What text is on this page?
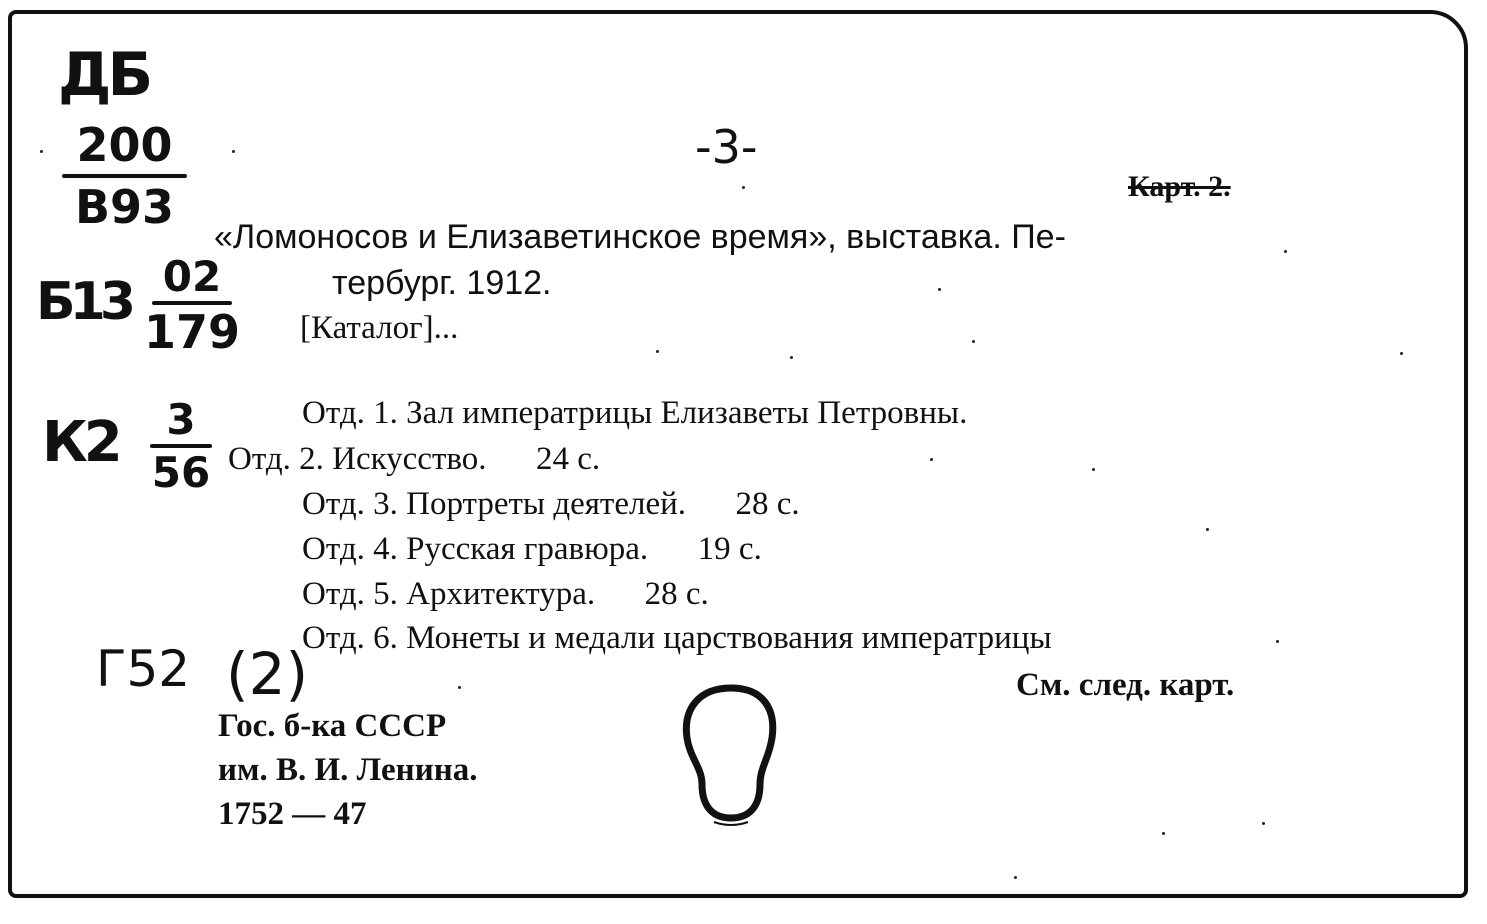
ДБ
200
В93
Б13 02
179
К2 3
56
Г52 (2)
-3-
Карт. 2.
«Ломоносов и Елизаветинское время», выставка. Пе-
тербург. 1912.
[Каталог]...
Отд. 1. Зал императрицы Елизаветы Петровны.
Отд. 2. Искусство.      24 с.
Отд. 3. Портреты деятелей.      28 с.
Отд. 4. Русская гравюра.      19 с.
Отд. 5. Архитектура.      28 с.
Отд. 6. Монеты и медали царствования императрицы
См. след. карт.
Гос. б-ка СССР
им. В. И. Ленина.
1752 — 47
